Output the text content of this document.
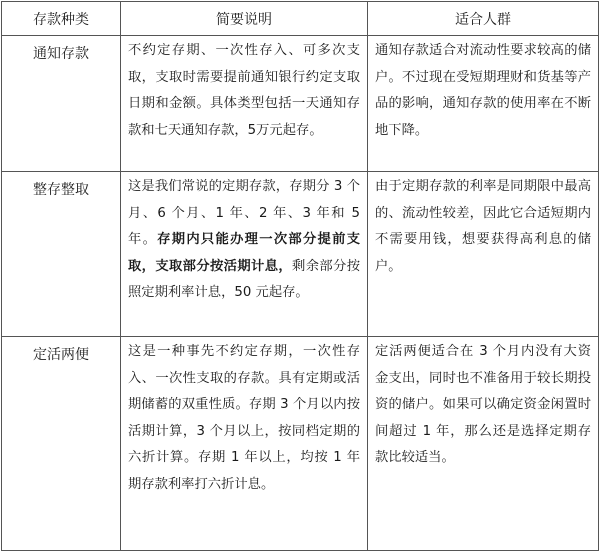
存款种类	简要说明	适合人群
通知存款	不约定存期、一次性存入、可多次支取，支取时需要提前通知银行约定支取日期和金额。具体类型包括一天通知存款和七天通知存款，5万元起存。	通知存款适合对流动性要求较高的储户。不过现在受短期理财和货基等产品的影响，通知存款的使用率在不断地下降。
整存整取	这是我们常说的定期存款，存期分 3 个月、6 个月、1 年、2 年、3 年和 5 年。存期内只能办理一次部分提前支取，支取部分按活期计息，剩余部分按照定期利率计息，50 元起存。	由于定期存款的利率是同期限中最高的、流动性较差，因此它合适短期内不需要用钱，想要获得高利息的储户。
定活两便	这是一种事先不约定存期，一次性存入、一次性支取的存款。具有定期或活期储蓄的双重性质。存期 3 个月以内按活期计算，3 个月以上，按同档定期的六折计算。存期 1 年以上，均按 1 年期存款利率打六折计息。	定活两便适合在 3 个月内没有大资金支出，同时也不准备用于较长期投资的储户。如果可以确定资金闲置时间超过 1 年，那么还是选择定期存款比较适当。
